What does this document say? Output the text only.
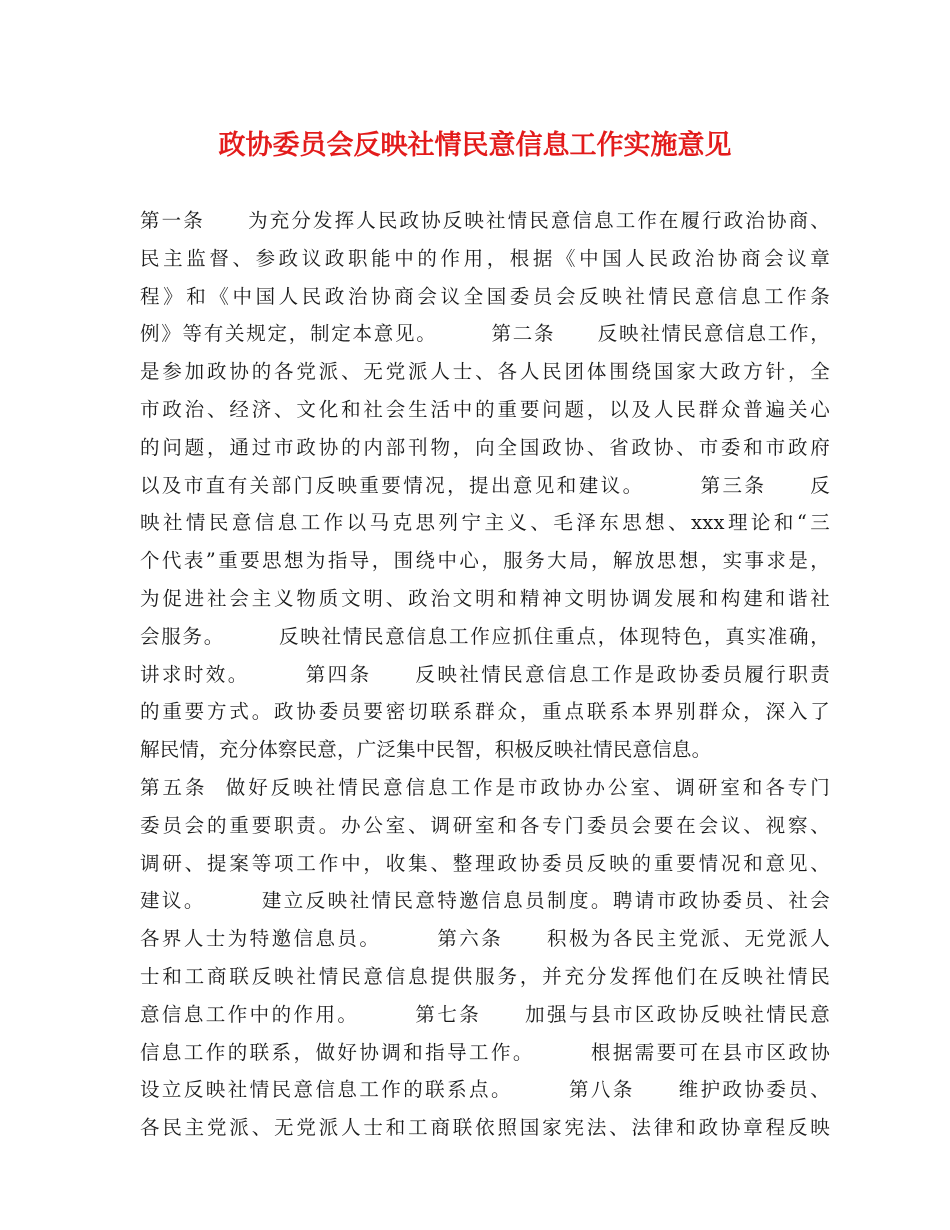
政协委员会反映社情民意信息工作实施意见
第一条　　为充分发挥人民政协反映社情民意信息工作在履行政治协商、
民主监督、参政议政职能中的作用，根据《中国人民政治协商会议章
程》和《中国人民政治协商会议全国委员会反映社情民意信息工作条
例》等有关规定，制定本意见。　　　第二条　　反映社情民意信息工作，
是参加政协的各党派、无党派人士、各人民团体围绕国家大政方针，全
市政治、经济、文化和社会生活中的重要问题，以及人民群众普遍关心
的问题，通过市政协的内部刊物，向全国政协、省政协、市委和市政府
以及市直有关部门反映重要情况，提出意见和建议。　　　第三条　　反
映社情民意信息工作以马克思列宁主义、毛泽东思想、xxx理论和“三
个代表”重要思想为指导，围绕中心，服务大局，解放思想，实事求是，
为促进社会主义物质文明、政治文明和精神文明协调发展和构建和谐社
会服务。　　　反映社情民意信息工作应抓住重点，体现特色，真实准确，
讲求时效。　　　第四条　　反映社情民意信息工作是政协委员履行职责
的重要方式。政协委员要密切联系群众，重点联系本界别群众，深入了
解民情，充分体察民意，广泛集中民智，积极反映社情民意信息。
第五条  做好反映社情民意信息工作是市政协办公室、调研室和各专门
委员会的重要职责。办公室、调研室和各专门委员会要在会议、视察、
调研、提案等项工作中，收集、整理政协委员反映的重要情况和意见、
建议。　　　建立反映社情民意特邀信息员制度。聘请市政协委员、社会
各界人士为特邀信息员。　　　第六条　　积极为各民主党派、无党派人
士和工商联反映社情民意信息提供服务，并充分发挥他们在反映社情民
意信息工作中的作用。　　　第七条　　加强与县市区政协反映社情民意
信息工作的联系，做好协调和指导工作。　　　根据需要可在县市区政协
设立反映社情民意信息工作的联系点。　　　第八条　　维护政协委员、
各民主党派、无党派人士和工商联依照国家宪法、法律和政协章程反映
